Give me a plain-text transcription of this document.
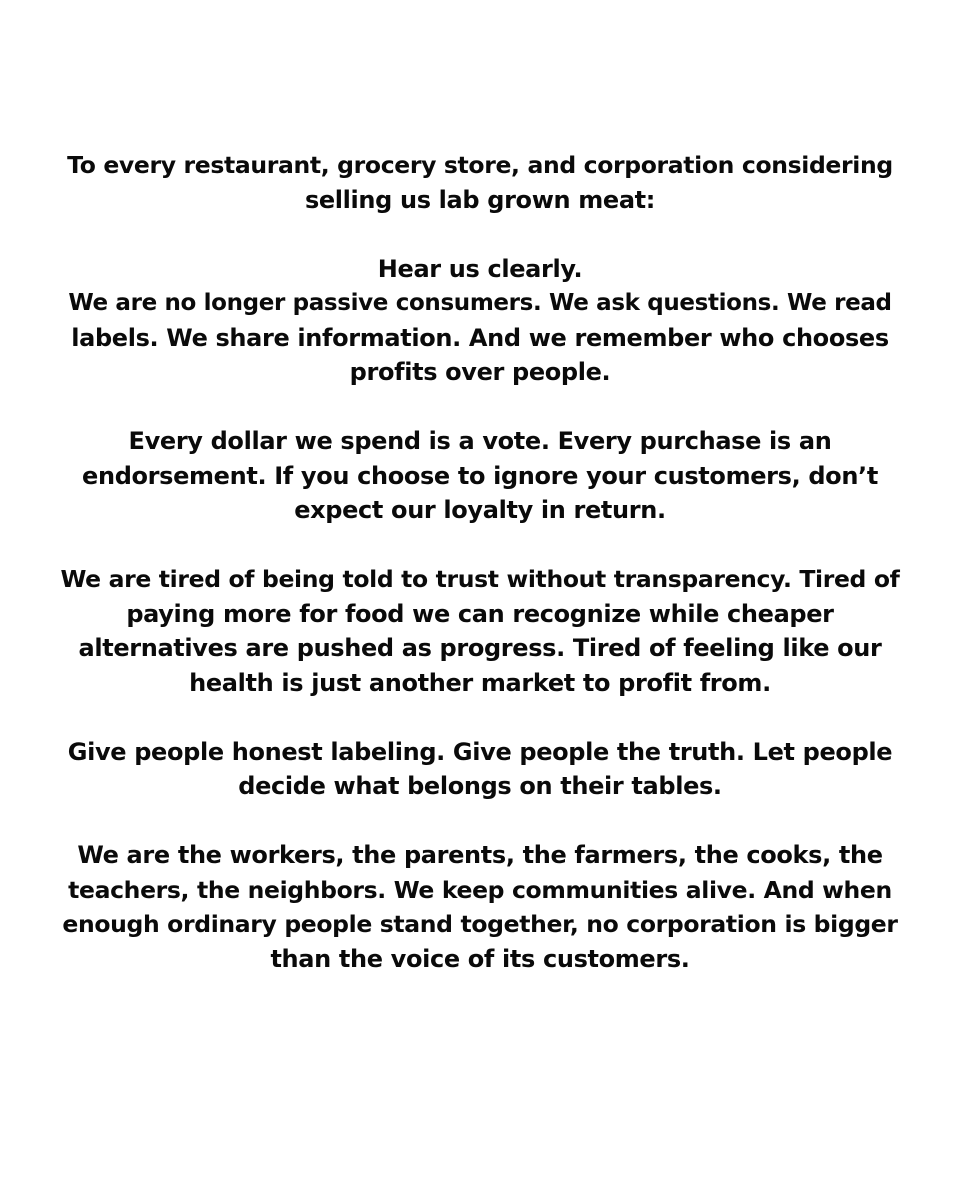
To every restaurant, grocery store, and corporation considering
selling us lab grown meat:
Hear us clearly.
We are no longer passive consumers. We ask questions. We read
labels. We share information. And we remember who chooses
profits over people.
Every dollar we spend is a vote. Every purchase is an
endorsement. If you choose to ignore your customers, don’t
expect our loyalty in return.
We are tired of being told to trust without transparency. Tired of
paying more for food we can recognize while cheaper
alternatives are pushed as progress. Tired of feeling like our
health is just another market to profit from.
Give people honest labeling. Give people the truth. Let people
decide what belongs on their tables.
We are the workers, the parents, the farmers, the cooks, the
teachers, the neighbors. We keep communities alive. And when
enough ordinary people stand together, no corporation is bigger
than the voice of its customers.
